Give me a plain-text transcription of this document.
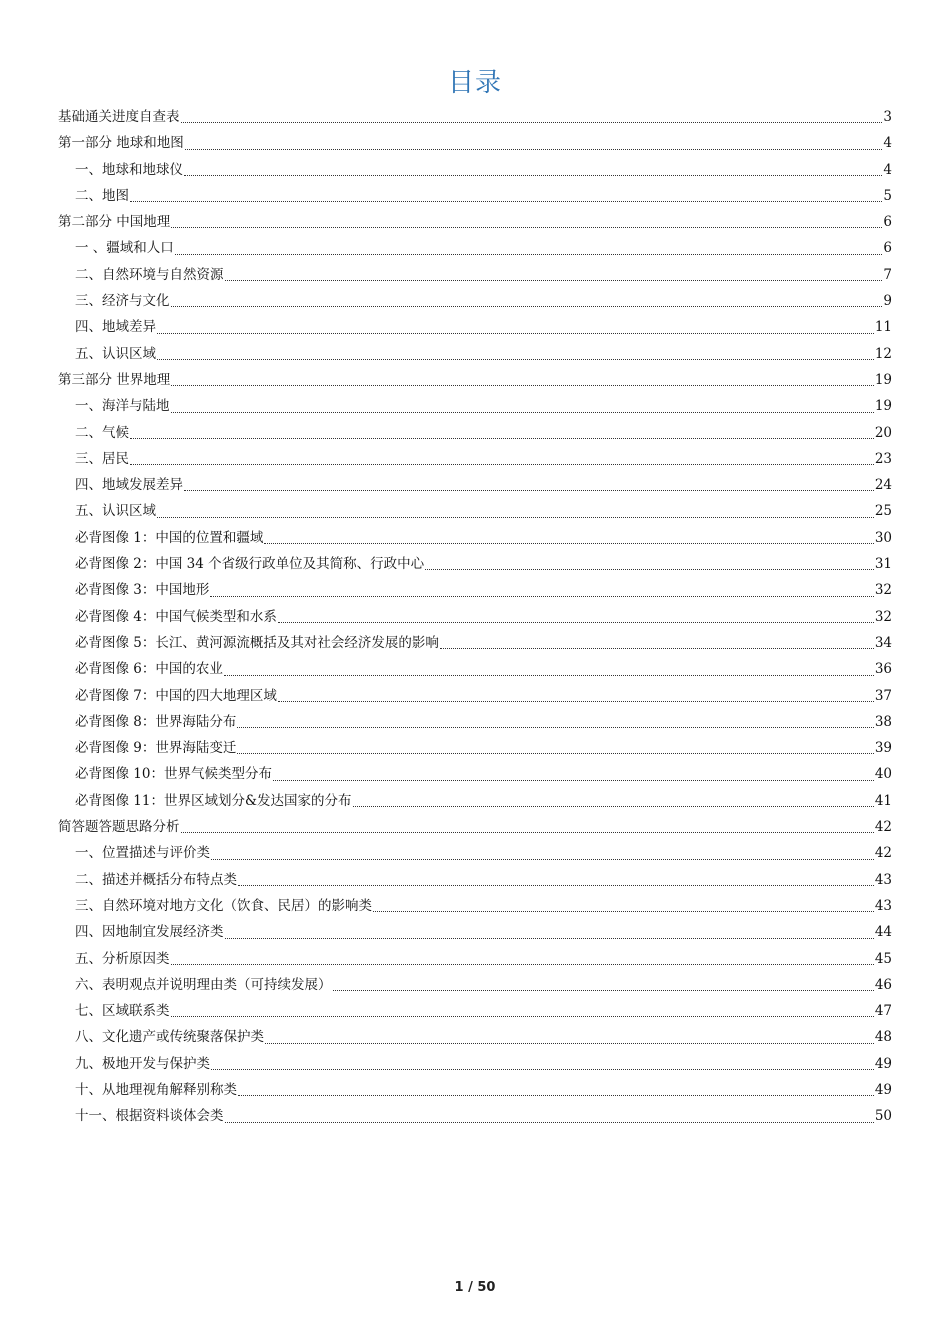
目录
基础通关进度自查表	3
第一部分 地球和地图	4
一、地球和地球仪	4
二、地图	5
第二部分 中国地理	6
一 、疆域和人口	6
二、自然环境与自然资源	7
三、经济与文化	9
四、地域差异	11
五、认识区域	12
第三部分 世界地理	19
一、海洋与陆地	19
二、气候	20
三、居民	23
四、地域发展差异	24
五、认识区域	25
必背图像 1：中国的位置和疆域	30
必背图像 2：中国 34 个省级行政单位及其简称、行政中心	31
必背图像 3：中国地形	32
必背图像 4：中国气候类型和水系	32
必背图像 5：长江、黄河源流概括及其对社会经济发展的影响	34
必背图像 6：中国的农业	36
必背图像 7：中国的四大地理区域	37
必背图像 8：世界海陆分布	38
必背图像 9：世界海陆变迁	39
必背图像 10：世界气候类型分布	40
必背图像 11：世界区域划分&发达国家的分布	41
简答题答题思路分析	42
一、位置描述与评价类	42
二、描述并概括分布特点类	43
三、自然环境对地方文化（饮食、民居）的影响类	43
四、因地制宜发展经济类	44
五、分析原因类	45
六、表明观点并说明理由类（可持续发展）	46
七、区域联系类	47
八、文化遗产或传统聚落保护类	48
九、极地开发与保护类	49
十、从地理视角解释别称类	49
十一、根据资料谈体会类	50
1 / 50
